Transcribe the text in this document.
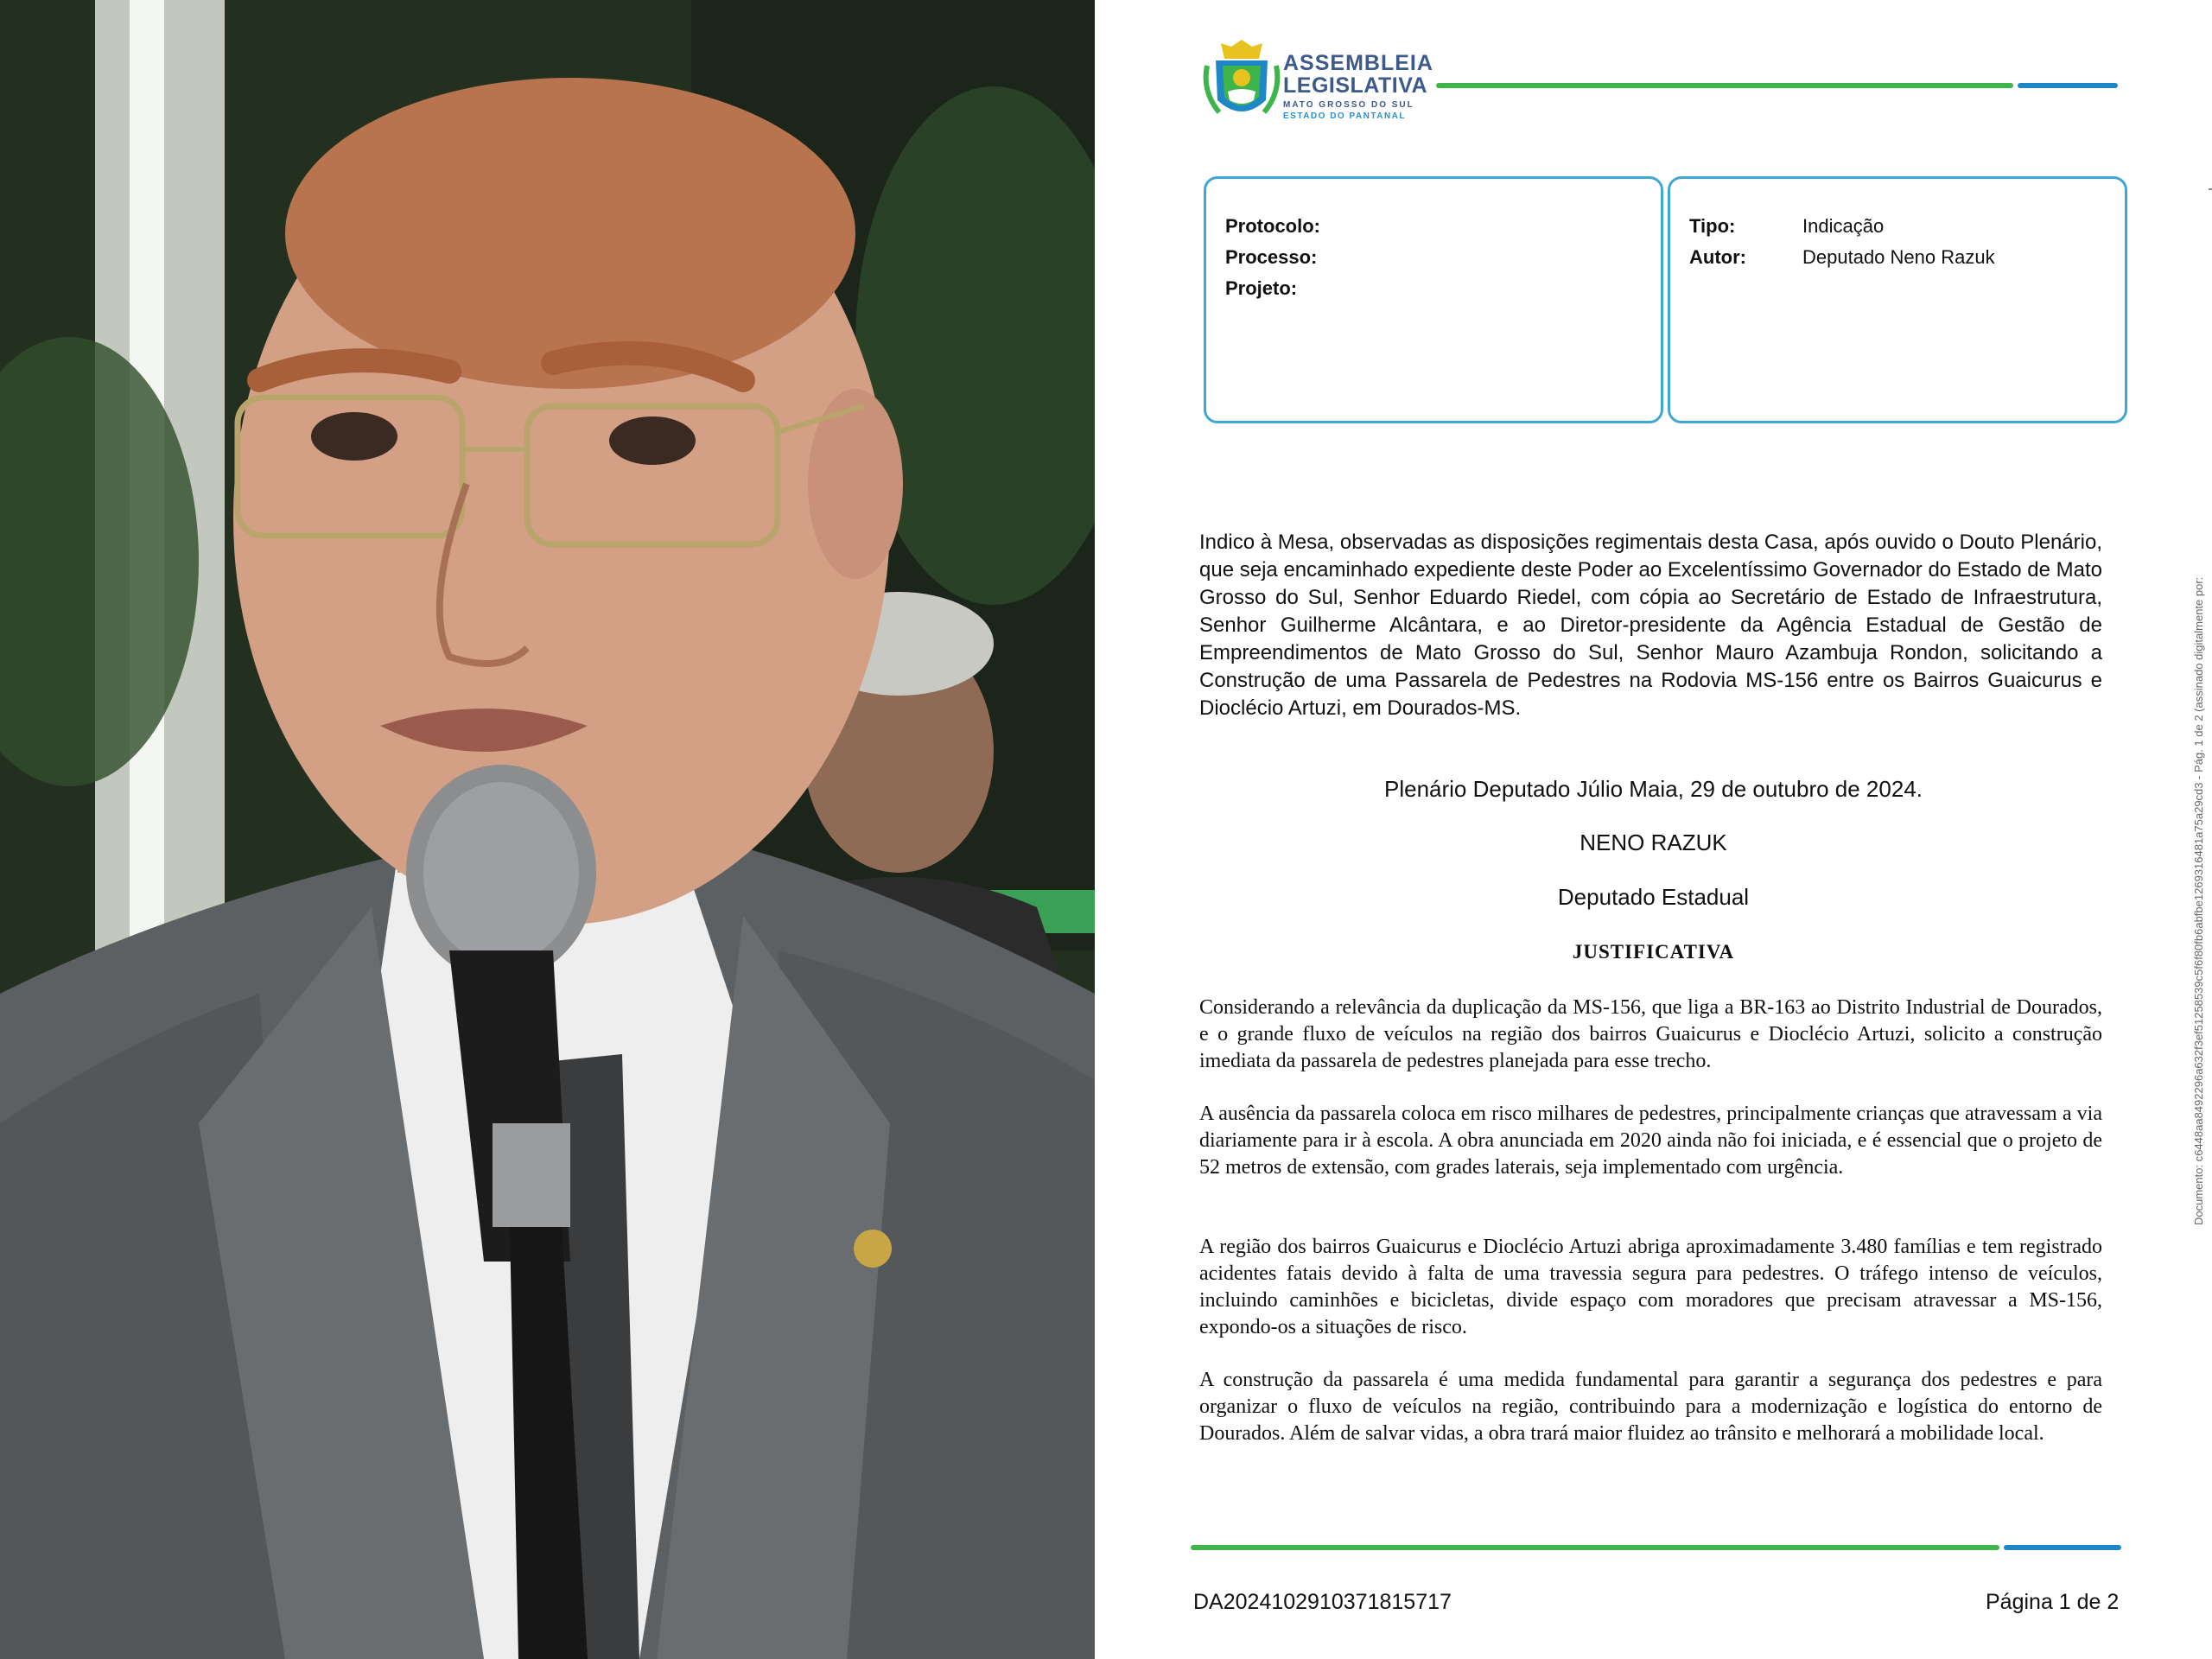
ASSEMBLEIA
LEGISLATIVA
MATO GROSSO DO SUL
ESTADO DO PANTANAL
Protocolo:
Processo:
Projeto:
Tipo:	Indicação
Autor:	Deputado Neno Razuk
Indico à Mesa, observadas as disposições regimentais desta Casa, após ouvido o Douto Plenário, que seja encaminhado expediente deste Poder ao Excelentíssimo Governador do Estado de Mato Grosso do Sul, Senhor Eduardo Riedel, com cópia ao Secretário de Estado de Infraestrutura, Senhor Guilherme Alcântara, e ao Diretor-presidente da Agência Estadual de Gestão de Empreendimentos de Mato Grosso do Sul, Senhor Mauro Azambuja Rondon, solicitando a Construção de uma Passarela de Pedestres na Rodovia MS-156 entre os Bairros Guaicurus e Dioclécio Artuzi, em Dourados-MS.
Plenário Deputado Júlio Maia, 29 de outubro de 2024.
NENO RAZUK
Deputado Estadual
JUSTIFICATIVA
Considerando a relevância da duplicação da MS-156, que liga a BR-163 ao Distrito Industrial de Dourados, e o grande fluxo de veículos na região dos bairros Guaicurus e Dioclécio Artuzi, solicito a construção imediata da passarela de pedestres planejada para esse trecho.
A ausência da passarela coloca em risco milhares de pedestres, principalmente crianças que atravessam a via diariamente para ir à escola. A obra anunciada em 2020 ainda não foi iniciada, e é essencial que o projeto de 52 metros de extensão, com grades laterais, seja implementado com urgência.
A região dos bairros Guaicurus e Dioclécio Artuzi abriga aproximadamente 3.480 famílias e tem registrado acidentes fatais devido à falta de uma travessia segura para pedestres. O tráfego intenso de veículos, incluindo caminhões e bicicletas, divide espaço com moradores que precisam atravessar a MS-156, expondo-os a situações de risco.
A construção da passarela é uma medida fundamental para garantir a segurança dos pedestres e para organizar o fluxo de veículos na região, contribuindo para a modernização e logística do entorno de Dourados. Além de salvar vidas, a obra trará maior fluidez ao trânsito e melhorará a mobilidade local.
DA2024102910371815717	Página 1 de 2
Documento: c6448aa8492296a632f3ef51258539c5f6f80fb6abfbe1269316481a75a29cd3 - Pág. 1 de 2 (assinado digitalmente por:
